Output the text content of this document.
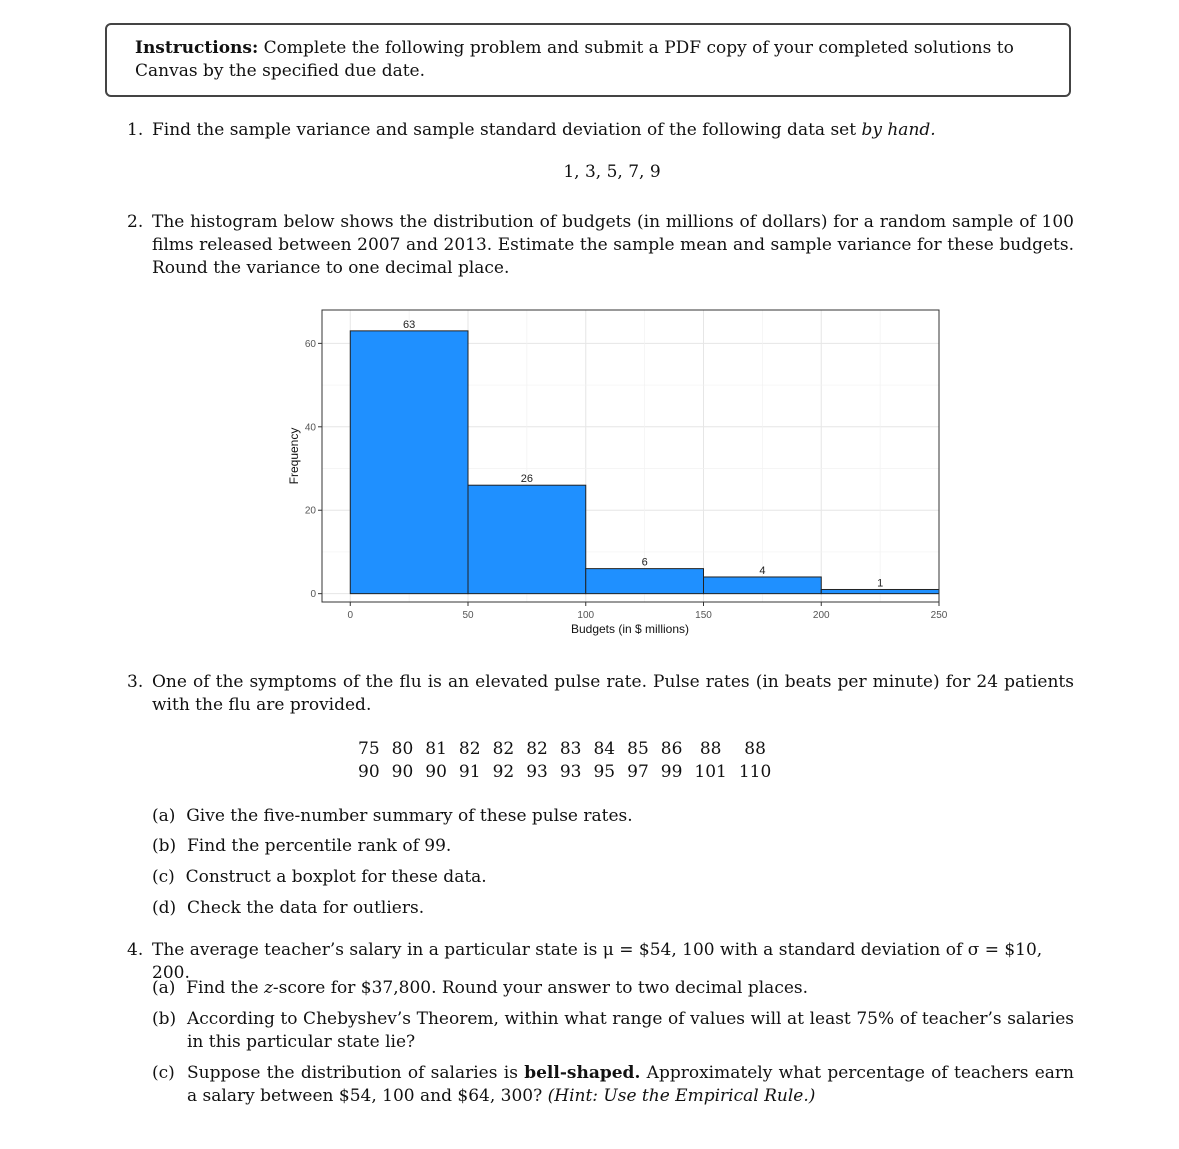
Instructions: Complete the following problem and submit a PDF copy of your completed solutions to Canvas by the specified due date.
1. Find the sample variance and sample standard deviation of the following data set by hand.
1, 3, 5, 7, 9
2. The histogram below shows the distribution of budgets (in millions of dollars) for a random sample of 100 films released between 2007 and 2013. Estimate the sample mean and sample variance for these budgets. Round the variance to one decimal place.
63
26
6
4
1
0	50	100	150	200	250
0
20
40
60
Budgets (in $ millions)
Frequency
3. One of the symptoms of the flu is an elevated pulse rate. Pulse rates (in beats per minute) for 24 patients with the flu are provided.
75	80	81	82	82	82	83	84	85	86	88	88
90	90	90	91	92	93	93	95	97	99	101	110
(a) Give the five-number summary of these pulse rates.
(b) Find the percentile rank of 99.
(c) Construct a boxplot for these data.
(d) Check the data for outliers.
4. The average teacher’s salary in a particular state is μ = $54, 100 with a standard deviation of σ = $10, 200.
(a) Find the z-score for $37,800. Round your answer to two decimal places.
(b) According to Chebyshev’s Theorem, within what range of values will at least 75% of teacher’s salaries in this particular state lie?
(c) Suppose the distribution of salaries is bell-shaped. Approximately what percentage of teachers earn a salary between $54, 100 and $64, 300? (Hint: Use the Empirical Rule.)
